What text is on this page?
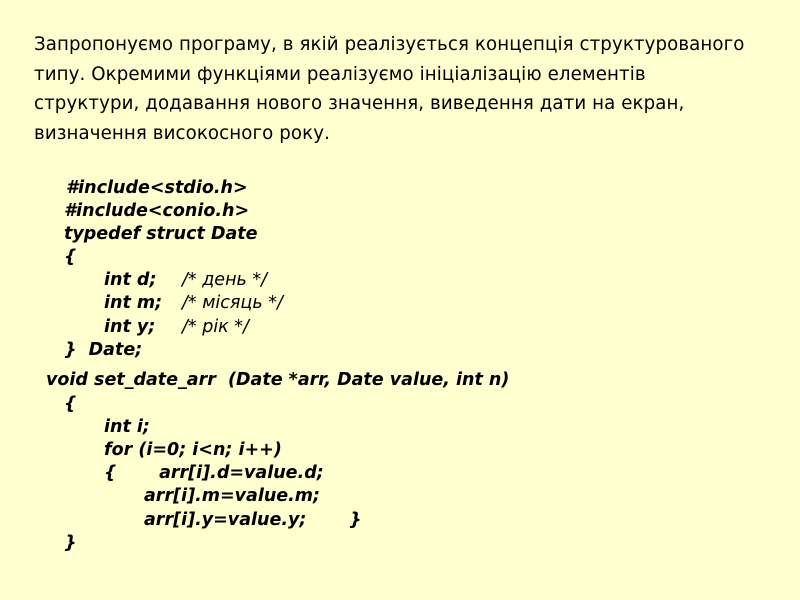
Запропонуємо програму, в якій реалізується концепція структурованого
типу. Окремими функціями реалізуємо ініціалізацію елементів
структури, додавання нового значення, виведення дати на екран,
визначення високосного року.
#include<stdio.h>
#include<conio.h>
typedef struct Date
{
int d; /* день */
int m; /* місяць */
int y; /* рік */
}  Date;
void set_date_arr  (Date *arr, Date value, int n)
{
int i;
for (i=0; i<n; i++)
{       arr[i].d=value.d;
arr[i].m=value.m;
arr[i].y=value.y;       }
}
